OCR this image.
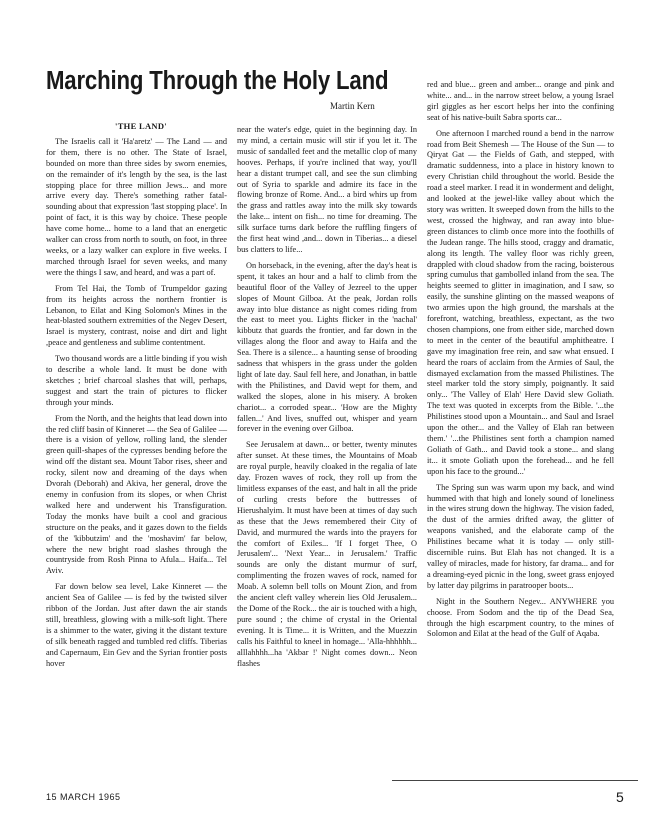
Marching Through the Holy Land

Martin Kern

'THE LAND'

The Israelis call it 'Ha'aretz' — The Land — and for them, there is no other. The State of Israel, bounded on more than three sides by sworn enemies, on the remainder of it's length by the sea, is the last stopping place for three million Jews... and more arrive every day. There's something rather fatal-sounding about that expression 'last stopping place'. In point of fact, it is this way by choice. These people have come home... home to a land that an energetic walker can cross from north to south, on foot, in three weeks, or a lazy walker can explore in five weeks. I marched through Israel for seven weeks, and many were the things I saw, and heard, and was a part of.

From Tel Hai, the Tomb of Trumpeldor gazing from its heights across the northern frontier is Lebanon, to Eilat and King Solomon's Mines in the heat-blasted southern extremities of the Negev Desert, Israel is mystery, contrast, noise and dirt and light ,peace and gentleness and sublime contentment.

Two thousand words are a little binding if you wish to describe a whole land. It must be done with sketches ; brief charcoal slashes that will, perhaps, suggest and start the train of pictures to flicker through your minds.

From the North, and the heights that lead down into the red cliff basin of Kinneret — the Sea of Galilee — there is a vision of yellow, rolling land, the slender green quill-shapes of the cypresses bending before the wind off the distant sea. Mount Tabor rises, sheer and rocky, silent now and dreaming of the days when Dvorah (Deborah) and Akiva, her general, drove the enemy in confusion from its slopes, or when Christ walked here and underwent his Transfiguration. Today the monks have built a cool and gracious structure on the peaks, and it gazes down to the fields of the 'kibbutzim' and the 'moshavim' far below, where the new bright road slashes through the countryside from Rosh Pinna to Afula... Haifa... Tel Aviv.

Far down below sea level, Lake Kinneret — the ancient Sea of Galilee — is fed by the twisted silver ribbon of the Jordan. Just after dawn the air stands still, breathless, glowing with a milk-soft light. There is a shimmer to the water, giving it the distant texture of silk beneath ragged and tumbled red cliffs. Tiberias and Capernaum, Ein Gev and the Syrian frontier posts hover

near the water's edge, quiet in the beginning day. In my mind, a certain music will stir if you let it. The music of sandalled feet and the metallic clop of many hooves. Perhaps, if you're inclined that way, you'll hear a distant trumpet call, and see the sun climbing out of Syria to sparkle and admire its face in the flowing bronze of Rome. And... a bird whirs up from the grass and rattles away into the milk sky towards the lake... intent on fish... no time for dreaming. The silk surface turns dark before the ruffling fingers of the first heat wind ,and... down in Tiberias... a diesel bus clatters to life...

On horseback, in the evening, after the day's heat is spent, it takes an hour and a half to climb from the beautiful floor of the Valley of Jezreel to the upper slopes of Mount Gilboa. At the peak, Jordan rolls away into blue distance as night comes riding from the east to meet you. Lights flicker in the 'nachal' kibbutz that guards the frontier, and far down in the villages along the floor and away to Haifa and the Sea. There is a silence... a haunting sense of brooding sadness that whispers in the grass under the golden light of late day. Saul fell here, and Jonathan, in battle with the Philistines, and David wept for them, and walked the slopes, alone in his misery. A broken chariot... a corroded spear... 'How are the Mighty fallen...' And lives, snuffed out, whisper and yearn forever in the evening over Gilboa.

See Jerusalem at dawn... or better, twenty minutes after sunset. At these times, the Mountains of Moab are royal purple, heavily cloaked in the regalia of late day. Frozen waves of rock, they roll up from the limitless expanses of the east, and halt in all the pride of curling crests before the buttresses of Hierushalyim. It must have been at times of day such as these that the Jews remembered their City of David, and murmured the wards into the prayers for the comfort of Exiles... 'If I forget Thee, O Jerusalem'... 'Next Year... in Jerusalem.' Traffic sounds are only the distant murmur of surf, complimenting the frozen waves of rock, named for Moab. A solemn bell tolls on Mount Zion, and from the ancient cleft valley wherein lies Old Jerusalem... the Dome of the Rock... the air is touched with a high, pure sound ; the chime of crystal in the Oriental evening. It is Time... it is Written, and the Muezzin calls his Faithful to kneel in homage... 'Alla-hhhhhh... alllahhhh...ha 'Akbar !' Night comes down... Neon flashes

red and blue... green and amber... orange and pink and white... and... in the narrow street below, a young Israel girl giggles as her escort helps her into the confining seat of his native-built Sabra sports car...

One afternoon I marched round a bend in the narrow road from Beit Shemesh — The House of the Sun — to Qiryat Gat — the Fields of Gath, and stepped, with dramatic suddenness, into a place in history known to every Christian child throughout the world. Beside the road a steel marker. I read it in wonderment and delight, and looked at the jewel-like valley about which the story was written. It sweeped down from the hills to the west, crossed the highway, and ran away into blue-green distances to climb once more into the foothills of the Judean range. The hills stood, craggy and dramatic, along its length. The valley floor was richly green, drappled with cloud shadow from the racing, boisterous spring cumulus that gambolled inland from the sea. The heights seemed to glitter in imagination, and I saw, so easily, the sunshine glinting on the massed weapons of two armies upon the high ground, the marshals at the forefront, watching, breathless, expectant, as the two chosen champions, one from either side, marched down to meet in the center of the beautiful amphitheatre. I gave my imagination free rein, and saw what ensued. I heard the roars of acclaim from the Armies of Saul, the dismayed exclamation from the massed Philistines. The steel marker told the story simply, poignantly. It said only... 'The Valley of Elah' Here David slew Goliath. The text was quoted in excerpts from the Bible. '...the Philistines stood upon a Mountain... and Saul and Israel upon the other... and the Valley of Elah ran between them.' '...the Philistines sent forth a champion named Goliath of Gath... and David took a stone... and slang it... it smote Goliath upon the forehead... and he fell upon his face to the ground...'

The Spring sun was warm upon my back, and wind hummed with that high and lonely sound of loneliness in the wires strung down the highway. The vision faded, the dust of the armies drifted away, the glitter of weapons vanished, and the elaborate camp of the Philistines became what it is today — only still-discernible ruins. But Elah has not changed. It is a valley of miracles, made for history, far drama... and for a dreaming-eyed picnic in the long, sweet grass enjoyed by latter day pilgrims in paratrooper boots...

Night in the Southern Negev... ANYWHERE you choose. From Sodom and the tip of the Dead Sea, through the high escarpment country, to the mines of Solomon and Eilat at the head of the Gulf of Aqaba.

15 MARCH 1965	5
